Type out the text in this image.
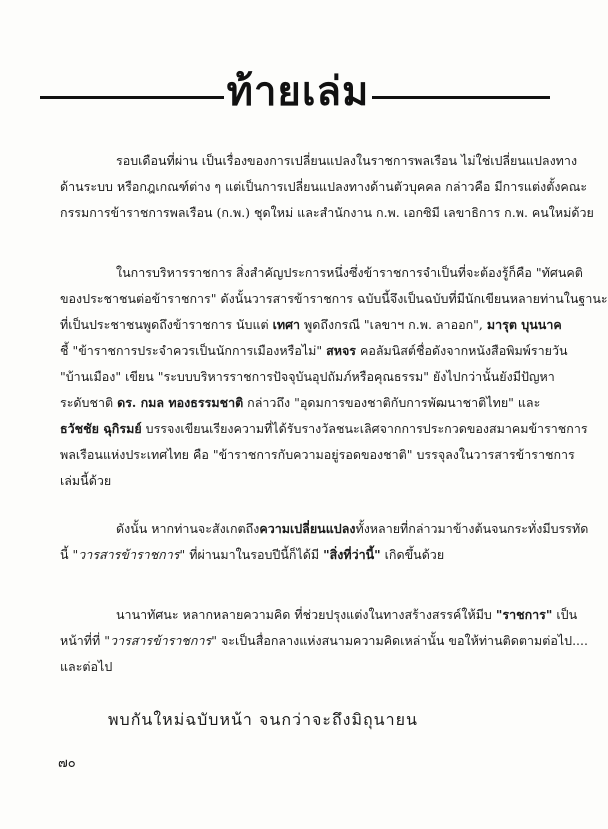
ท้ายเล่ม
รอบเดือนที่ผ่าน เป็นเรื่องของการเปลี่ยนแปลงในราชการพลเรือน ไม่ใช่เปลี่ยนแปลงทาง
ด้านระบบ หรือกฎเกณฑ์ต่าง ๆ แต่เป็นการเปลี่ยนแปลงทางด้านตัวบุคคล กล่าวคือ มีการแต่งตั้งคณะ
กรรมการข้าราชการพลเรือน (ก.พ.) ชุดใหม่ และสำนักงาน ก.พ. เอกซิมี เลขาธิการ ก.พ. คนใหม่ด้วย
ในการบริหารราชการ สิ่งสำคัญประการหนึ่งซึ่งข้าราชการจำเป็นที่จะต้องรู้ก็คือ "ทัศนคติ
ของประชาชนต่อข้าราชการ" ดังนั้นวารสารข้าราชการ ฉบับนี้จึงเป็นฉบับที่มีนักเขียนหลายท่านในฐานะ
ที่เป็นประชาชนพูดถึงข้าราชการ นับแต่ เทศา พูดถึงกรณี "เลขาฯ ก.พ. ลาออก", มารุต บุนนาค
ชี้ "ข้าราชการประจำควรเป็นนักการเมืองหรือไม่" สหจร คอลัมนิสต์ชื่อดังจากหนังสือพิมพ์รายวัน
"บ้านเมือง" เขียน "ระบบบริหารราชการปัจจุบันอุปถัมภ์หรือคุณธรรม" ยังไปกว่านั้นยังมีปัญหา
ระดับชาติ ดร. กมล ทองธรรมชาติ กล่าวถึง "อุดมการของชาติกับการพัฒนาชาติไทย" และ
ธวัชชัย ฉุกิรมย์ บรรจงเขียนเรียงความที่ได้รับรางวัลชนะเลิศจากการประกวดของสมาคมข้าราชการ
พลเรือนแห่งประเทศไทย คือ "ข้าราชการกับความอยู่รอดของชาติ" บรรจุลงในวารสารข้าราชการ
เล่มนี้ด้วย
ดังนั้น หากท่านจะสังเกตถึงความเปลี่ยนแปลงทั้งหลายที่กล่าวมาข้างต้นจนกระทั่งมีบรรทัด
นี้ "วารสารข้าราชการ" ที่ผ่านมาในรอบปีนี้ก็ได้มี "สิ่งที่ว่านี้" เกิดขึ้นด้วย
นานาทัศนะ หลากหลายความคิด ที่ช่วยปรุงแต่งในทางสร้างสรรค์ให้มีบ "ราชการ" เป็น
หน้าที่ที่ "วารสารข้าราชการ" จะเป็นสื่อกลางแห่งสนามความคิดเหล่านั้น ขอให้ท่านติดตามต่อไป....
และต่อไป
พบกันใหม่ฉบับหน้า จนกว่าจะถึงมิถุนายน
๗๐
